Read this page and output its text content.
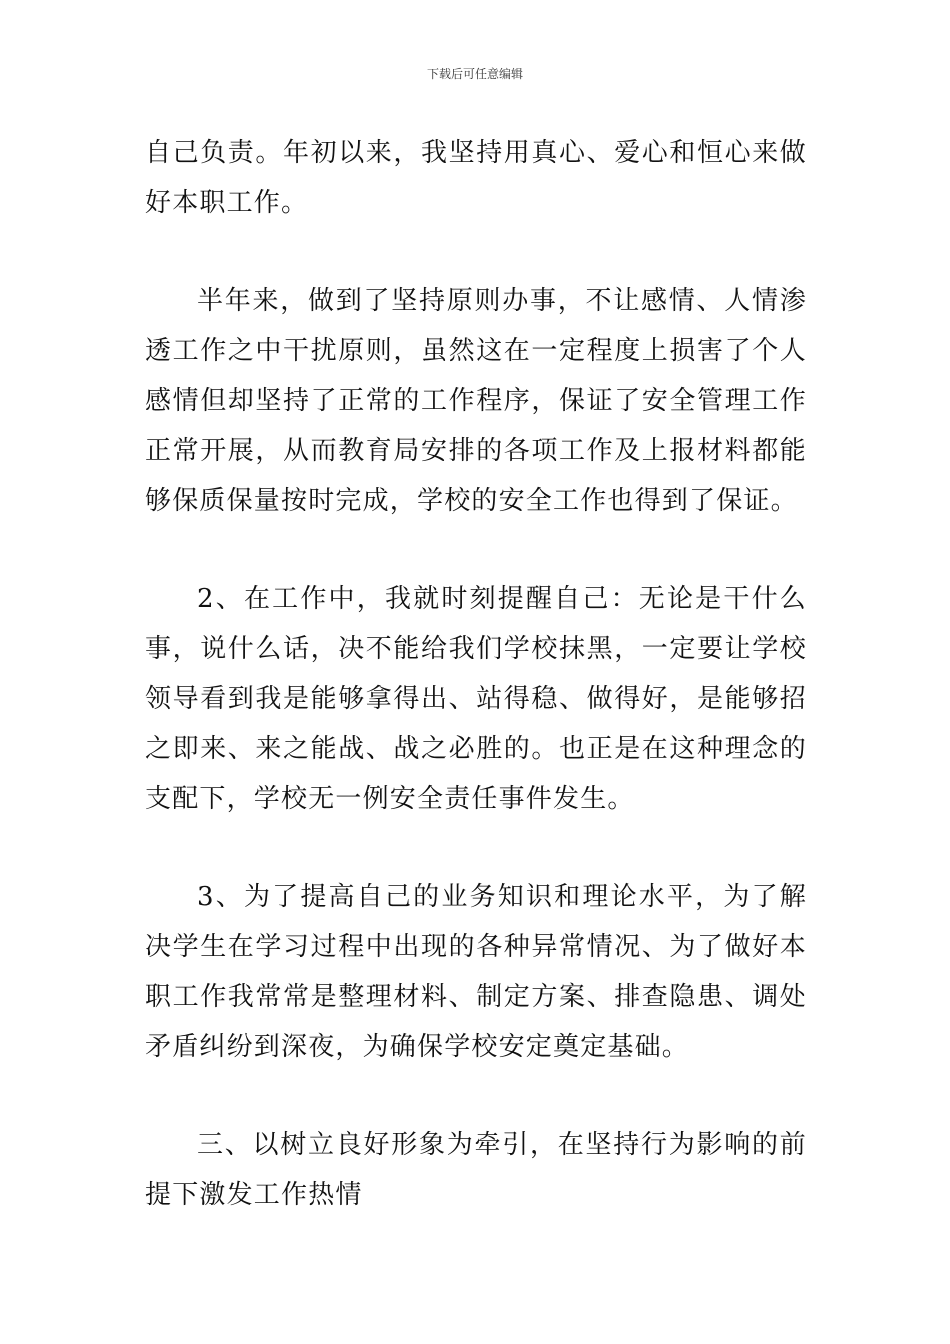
下载后可任意编辑

自己负责。年初以来，我坚持用真心、爱心和恒心来做好本职工作。

半年来，做到了坚持原则办事，不让感情、人情渗透工作之中干扰原则，虽然这在一定程度上损害了个人感情但却坚持了正常的工作程序，保证了安全管理工作正常开展，从而教育局安排的各项工作及上报材料都能够保质保量按时完成，学校的安全工作也得到了保证。

2、在工作中，我就时刻提醒自己：无论是干什么事，说什么话，决不能给我们学校抹黑，一定要让学校领导看到我是能够拿得出、站得稳、做得好，是能够招之即来、来之能战、战之必胜的。也正是在这种理念的支配下，学校无一例安全责任事件发生。

3、为了提高自己的业务知识和理论水平，为了解决学生在学习过程中出现的各种异常情况、为了做好本职工作我常常是整理材料、制定方案、排查隐患、调处矛盾纠纷到深夜，为确保学校安定奠定基础。

三、以树立良好形象为牵引，在坚持行为影响的前提下激发工作热情
